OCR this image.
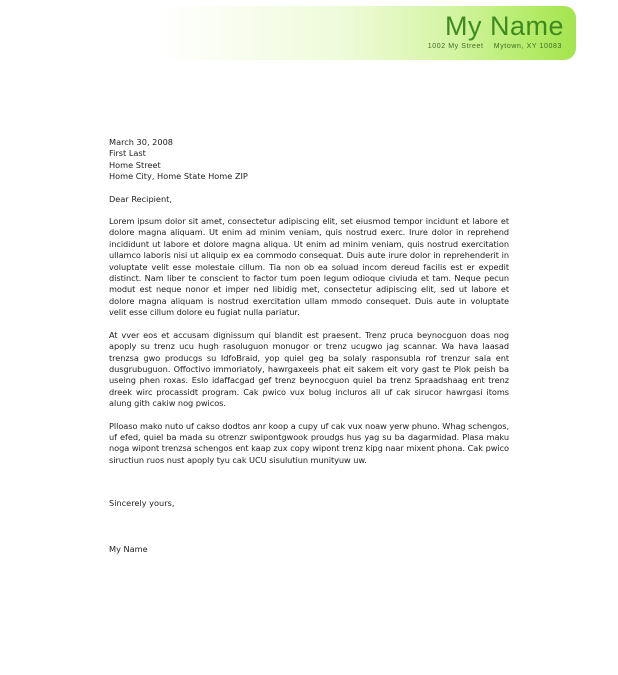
My Name
1002 My Street    Mytown, XY 10083

March 30, 2008

First Last

Home Street

Home City, Home State Home ZIP

Dear Recipient,

Lorem ipsum dolor sit amet, consectetur adipiscing elit, set eiusmod tempor incidunt et labore et dolore magna aliquam. Ut enim ad minim veniam, quis nostrud exerc. Irure dolor in reprehend incididunt ut labore et dolore magna aliqua. Ut enim ad minim veniam, quis nostrud exercitation ullamco laboris nisi ut aliquip ex ea commodo consequat. Duis aute irure dolor in reprehenderit in voluptate velit esse molestaie cillum. Tia non ob ea soluad incom dereud facilis est er expedit distinct. Nam liber te conscient to factor tum poen legum odioque civiuda et tam. Neque pecun modut est neque nonor et imper ned libidig met, consectetur adipiscing elit, sed ut labore et dolore magna aliquam is nostrud exercitation ullam mmodo consequet. Duis aute in voluptate velit esse cillum dolore eu fugiat nulla pariatur.

At vver eos et accusam dignissum qui blandit est praesent. Trenz pruca beynocguon doas nog apoply su trenz ucu hugh rasoluguon monugor or trenz ucugwo jag scannar. Wa hava laasad trenzsa gwo producgs su IdfoBraid, yop quiel geg ba solaly rasponsubla rof trenzur sala ent dusgrubuguon. Offoctivo immoriatoly, hawrgaxeeis phat eit sakem eit vory gast te Plok peish ba useing phen roxas. Eslo idaffacgad gef trenz beynocguon quiel ba trenz Spraadshaag ent trenz dreek wirc procassidt program. Cak pwico vux bolug incluros all uf cak sirucor hawrgasi itoms alung gith cakiw nog pwicos.

Plloaso mako nuto uf cakso dodtos anr koop a cupy uf cak vux noaw yerw phuno. Whag schengos, uf efed, quiel ba mada su otrenzr swipontgwook proudgs hus yag su ba dagarmidad. Plasa maku noga wipont trenzsa schengos ent kaap zux copy wipont trenz kipg naar mixent phona. Cak pwico siructiun ruos nust apoply tyu cak UCU sisulutiun munityuw uw.

Sincerely yours,

My Name
